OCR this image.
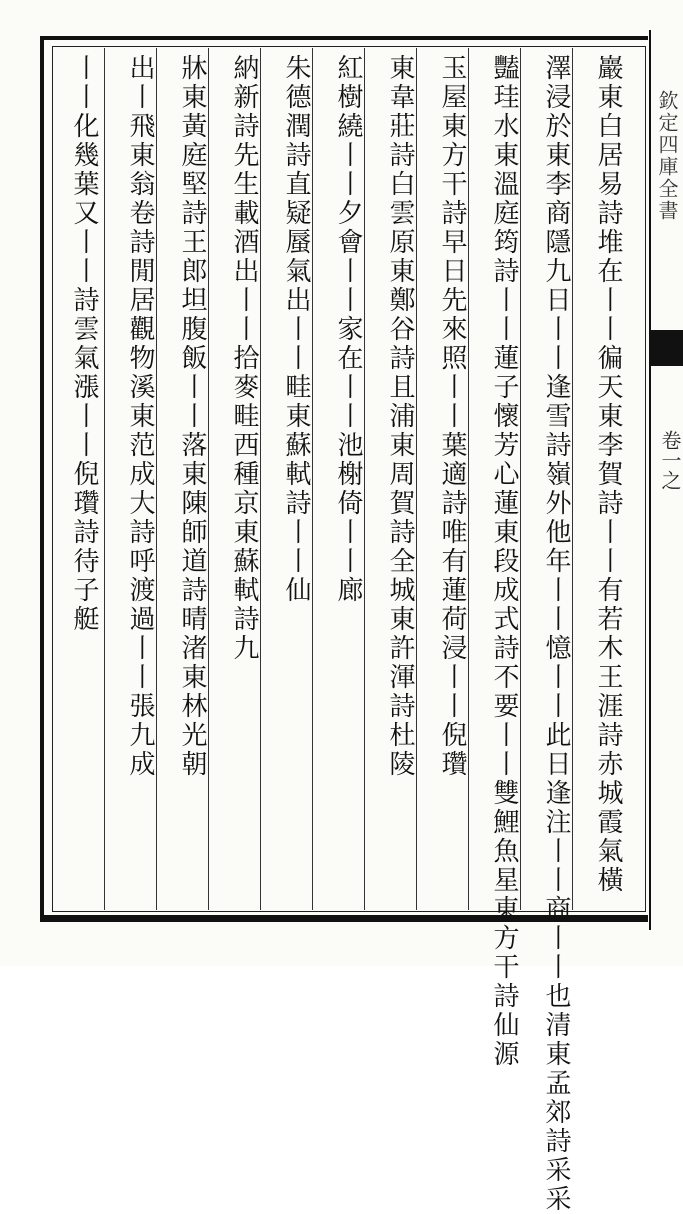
欽定四庫全書
卷一之
巖東白居易詩堆在丨丨徧天東李賀詩丨丨有若木王涯詩赤城霞氣橫
澤浸於東李商隱九日丨丨逢雪詩嶺外他年丨丨憶丨丨此日逢注丨丨商丨丨也清東孟郊詩采采
豔珪水東溫庭筠詩丨丨蓮子懷芳心蓮東段成式詩不要丨丨雙鯉魚星東方干詩仙源
玉屋東方干詩早日先來照丨丨葉適詩唯有蓮荷浸丨丨倪瓚
東韋莊詩白雲原東鄭谷詩且浦東周賀詩全城東許渾詩杜陵
紅樹繞丨丨夕會丨丨家在丨丨池榭倚丨丨廊
朱德潤詩直疑蜃氣出丨丨畦東蘇軾詩丨丨仙
納新詩先生載酒出丨丨拾麥畦西種京東蘇軾詩九
牀東黃庭堅詩王郎坦腹飯丨丨落東陳師道詩晴渚東林光朝
出丨飛東翁卷詩閒居觀物溪東范成大詩呼渡過丨丨張九成
丨丨化幾葉又丨丨詩雲氣漲丨丨倪瓚詩待子艇
